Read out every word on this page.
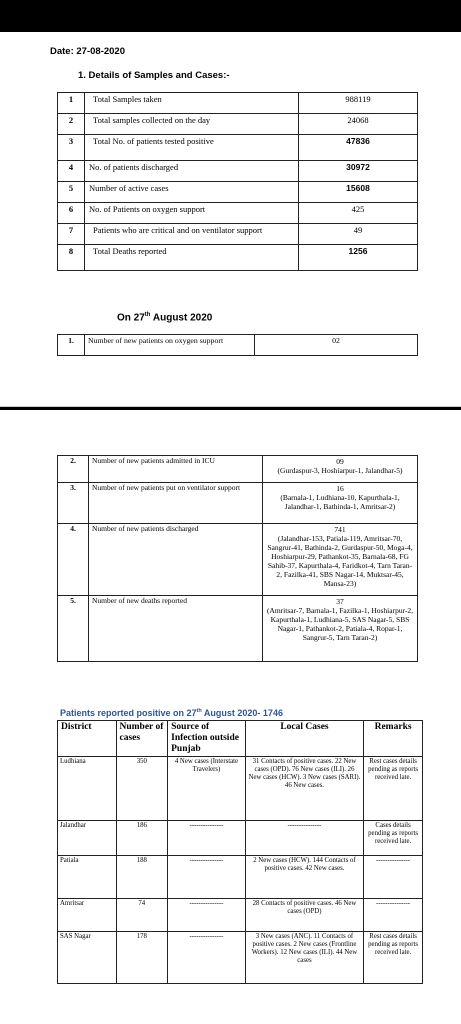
Date: 27-08-2020
1. Details of Samples and Cases:-
1	Total Samples taken	988119
2	Total samples collected on the day	24068
3	Total No. of patients tested positive	47836
4	No. of patients discharged	30972
5	Number of active cases	15608
6	No. of Patients on oxygen support	425
7	Patients who are critical and on ventilator support	49
8	Total Deaths reported	1256
On 27th August 2020
1.	Number of new patients on oxygen support	02
2.	Number of new patients admitted in ICU	09
(Gurdaspur-3, Hoshiarpur-1, Jalandhar-5)

3.	Number of new patients put on ventilator support	16
(Barnala-1, Ludhiana-10, Kapurthala-1, Jalandhar-1, Bathinda-1, Amritsar-2)

4.	Number of new patients discharged	741
(Jalandhar-153, Patiala-119, Amritsar-70, Sangrur-41, Bathinda-2, Gurdaspur-50, Moga-4, Hoshiarpur-29, Pathankot-35, Barnala-68, FG Sahib-37, Kapurthala-4, Faridkot-4, Tarn Taran-2, Fazilka-41, SBS Nagar-14, Muktsar-45, Mansa-23)

5.	Number of new deaths reported	37
(Amritsar-7, Barnala-1, Fazilka-1, Hoshiarpur-2, Kapurthala-1, Ludhiana-5, SAS Nagar-5, SBS Nagar-1, Pathankot-2, Patiala-4, Ropar-1, Sangrur-5, Tarn Taran-2)
Patients reported positive on 27th August 2020- 1746
District	Number of cases	Source of Infection outside Punjab	Local Cases	Remarks
Ludhiana	350	4 New cases (Interstate Travelers)	31 Contacts of positive cases. 22 New cases (OPD). 76 New cases (ILI). 26 New cases (HCW). 3 New cases (SARI). 46 New cases.	Rest cases details pending as reports received late.
Jalandhar	186	---------------	---------------	Cases details pending as reports received late.
Patiala	188	---------------	2 New cases (HCW). 144 Contacts of positive cases. 42 New cases.	---------------
Amritsar	74	---------------	28 Contacts of positive cases. 46 New cases (OPD)	---------------
SAS Nagar	178	---------------	3 New cases (ANC). 11 Contacts of positive cases. 2 New cases (Frontline Workers). 12 New cases (ILI). 44 New cases	Rest cases details pending as reports received late.
